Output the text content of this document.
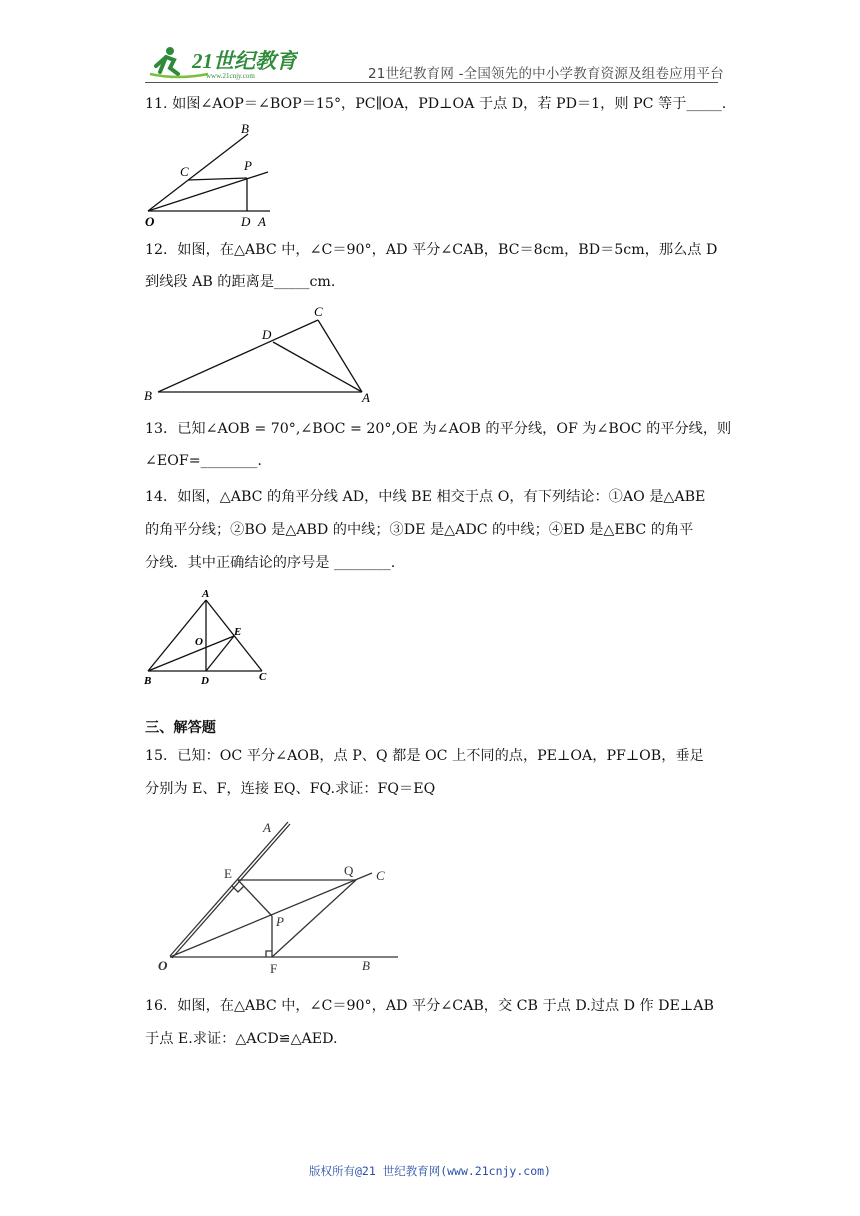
21世纪教育
www.21cnjy.com	21世纪教育网 -全国领先的中小学教育资源及组卷应用平台
11. 如图∠AOP＝∠BOP＝15°，PC∥OA，PD⊥OA 于点 D，若 PD＝1，则 PC 等于_____.
B
C	P
O	D A
12．如图，在△ABC 中，∠C＝90°，AD 平分∠CAB，BC＝8cm，BD＝5cm，那么点 D
到线段 AB 的距离是_____cm.
C
D
B	A
13．已知∠AOB = 70°,∠BOC = 20°,OE 为∠AOB 的平分线，OF 为∠BOC 的平分线，则
∠EOF=________.
14．如图，△ABC 的角平分线 AD，中线 BE 相交于点 O，有下列结论：①AO 是△ABE
的角平分线；②BO 是△ABD 的中线；③DE 是△ADC 的中线；④ED 是△EBC 的角平
分线．其中正确结论的序号是 ________.
A
E
O
B	D	C
三、解答题
15．已知：OC 平分∠AOB，点 P、Q 都是 OC 上不同的点，PE⊥OA，PF⊥OB，垂足
分别为 E、F，连接 EQ、FQ.求证：FQ＝EQ
A
E	Q C
P
O	F	B
16．如图，在△ABC 中，∠C＝90°，AD 平分∠CAB，交 CB 于点 D.过点 D 作 DE⊥AB
于点 E.求证：△ACD≌△AED.
版权所有@21 世纪教育网(www.21cnjy.com)
